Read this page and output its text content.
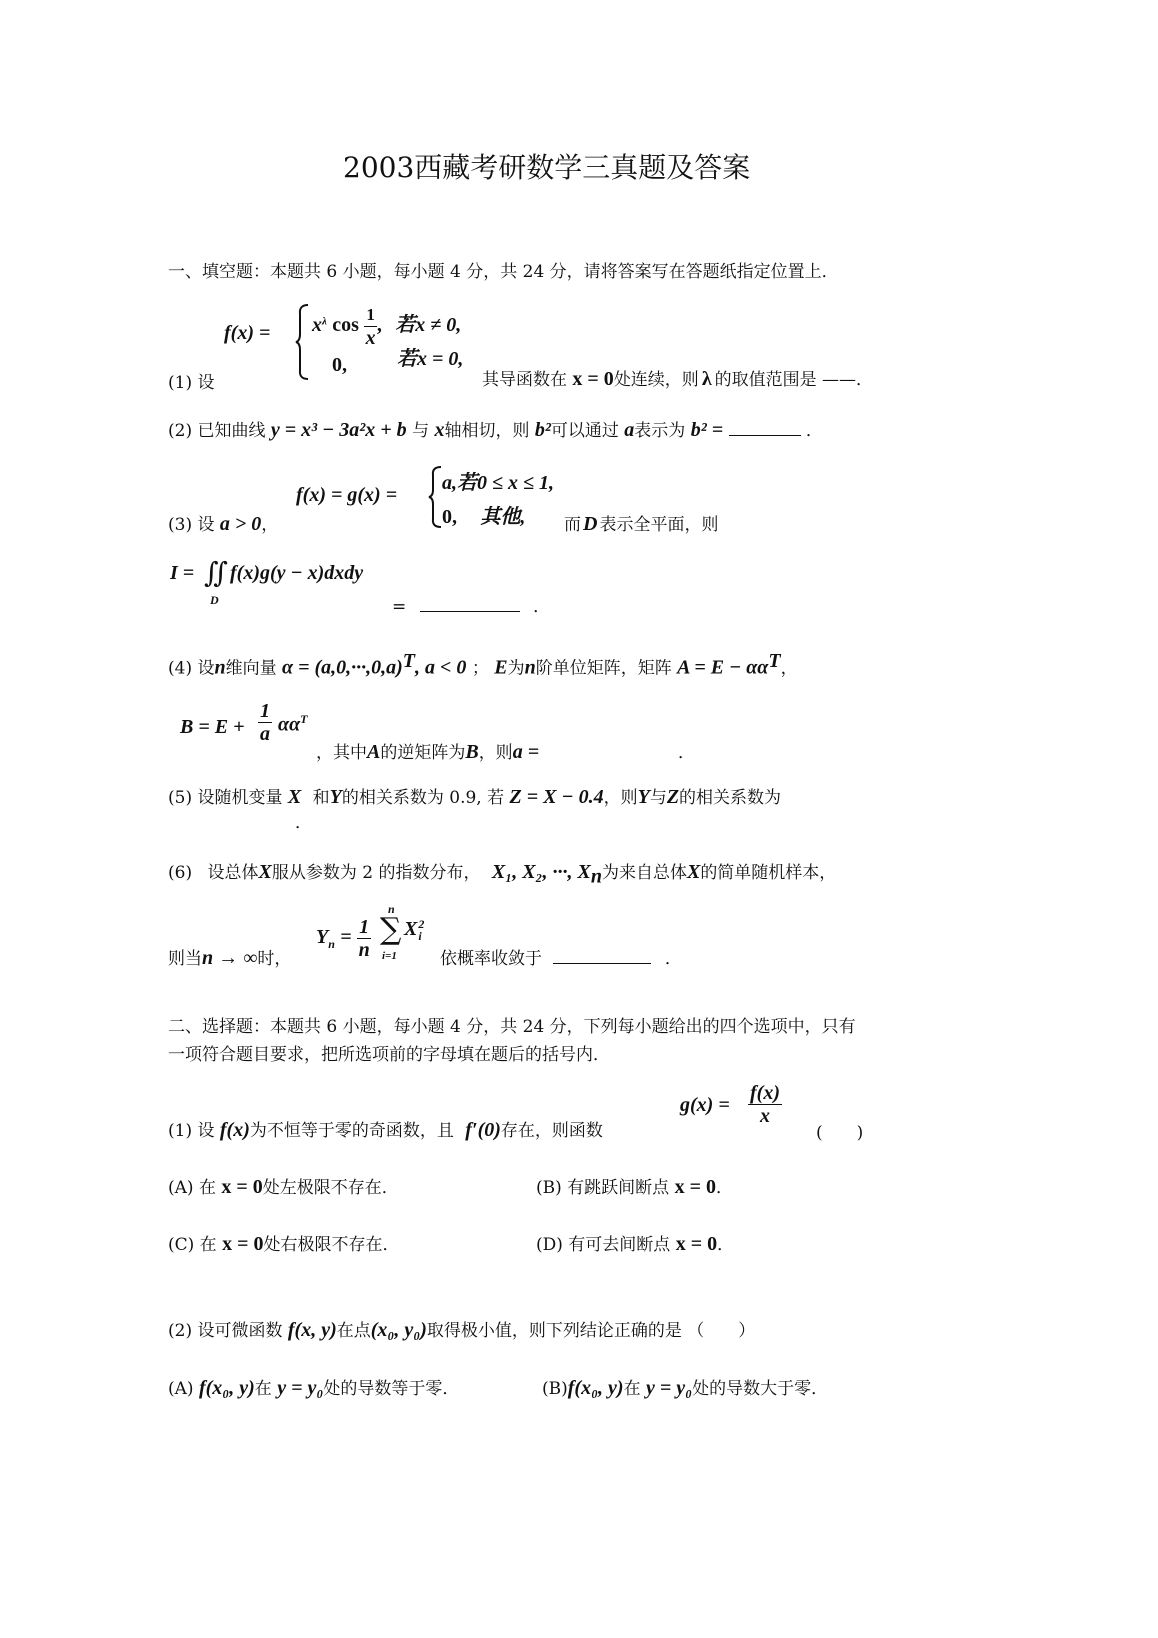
2003西藏考研数学三真题及答案
一、填空题：本题共 6 小题，每小题 4 分，共 24 分，请将答案写在答题纸指定位置上．
$f(x) = x^\lambda$ $\cos \frac{1}{x}$ , 若x ≠ 0,
0,	若x = 0,
(1) 设	其导函数在 x = 0处连续，则 λ 的取值范围是 ——．
(2) 已知曲线 y = x³ − 3a²x + b 与 x轴相切，则 b²可以通过 a表示为 b² =	．
(3) 设 a > 0，
f(x) = g(x) =
a,若0 ≤ x ≤ 1,
0, 其他, 而 D 表示全平面，则
I = ∬
D
f(x)g(y − x)dxdy
=	．
(4) 设n维向量 $\alpha = (a,0,\cdot\cdot\cdot,0,a)^T$, a < 0 ； E为n阶单位矩阵，矩阵 $A = E - \alpha\alpha^T$，
$B = E + \frac{1}{a} \alpha\alpha^T$
，其中A的逆矩阵为B，则a =	．
(5) 设随机变量 X 和Y的相关系数为 0.9, 若 Z = X − 0.4，则Y与Z的相关系数为
．
(6) 设总体X服从参数为 2 的指数分布， X₁, X₂, ···, $X_n$为来自总体X的简单随机样本，
则当n → ∞时，
$Y_n = \frac{1}{n}$
n
∑
i=1
X 2
i
依概率收敛于	．
二、选择题：本题共 6 小题，每小题 4 分，共 24 分，下列每小题给出的四个选项中，只有
一项符合题目要求，把所选项前的字母填在题后的括号内．
(1) 设 f(x)为不恒等于零的奇函数，且 f′(0)存在，则函数
$g(x) = \frac{f(x)}{x}$
(　　)
(A) 在 x = 0处左极限不存在．	(B) 有跳跃间断点 x = 0．
(C) 在 x = 0处右极限不存在．	(D) 有可去间断点 x = 0．
(2) 设可微函数 f(x, y)在点(x₀, y₀)取得极小值，则下列结论正确的是 （　　）
(A) f(x₀, y)在 y = y₀处的导数等于零．	(B)f(x₀, y)在 y = y₀处的导数大于零．
